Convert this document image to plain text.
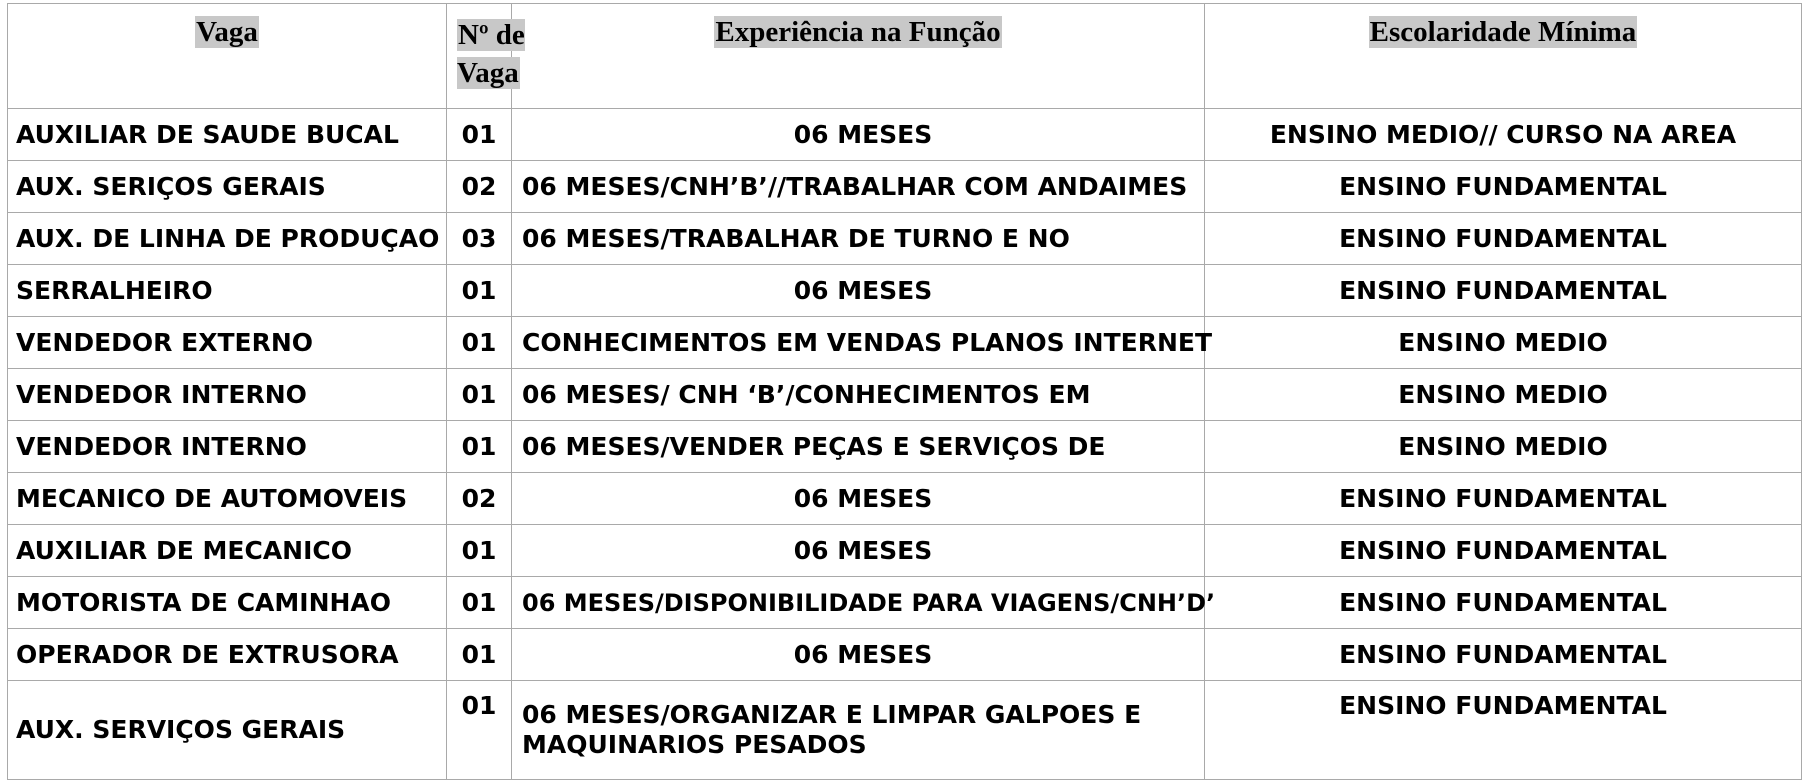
Vaga	Nº de Vaga	Experiência na Função	Escolaridade Mínima
AUXILIAR DE SAUDE BUCAL	01	06 MESES	ENSINO MEDIO// CURSO NA AREA
AUX. SERIÇOS GERAIS	02	06 MESES/CNH’B’//TRABALHAR COM ANDAIMES	ENSINO FUNDAMENTAL
AUX. DE LINHA DE PRODUÇAO	03	06 MESES/TRABALHAR DE TURNO E NO	ENSINO FUNDAMENTAL
SERRALHEIRO	01	06 MESES	ENSINO FUNDAMENTAL
VENDEDOR EXTERNO	01	CONHECIMENTOS EM VENDAS PLANOS INTERNET	ENSINO MEDIO
VENDEDOR INTERNO	01	06 MESES/ CNH ‘B’/CONHECIMENTOS EM	ENSINO MEDIO
VENDEDOR INTERNO	01	06 MESES/VENDER PEÇAS E SERVIÇOS DE	ENSINO MEDIO
MECANICO DE AUTOMOVEIS	02	06 MESES	ENSINO FUNDAMENTAL
AUXILIAR DE MECANICO	01	06 MESES	ENSINO FUNDAMENTAL
MOTORISTA DE CAMINHAO	01	06 MESES/DISPONIBILIDADE PARA VIAGENS/CNH’D’	ENSINO FUNDAMENTAL
OPERADOR DE EXTRUSORA	01	06 MESES	ENSINO FUNDAMENTAL
AUX. SERVIÇOS GERAIS	01	06 MESES/ORGANIZAR E LIMPAR GALPOES E MAQUINARIOS PESADOS	ENSINO FUNDAMENTAL
